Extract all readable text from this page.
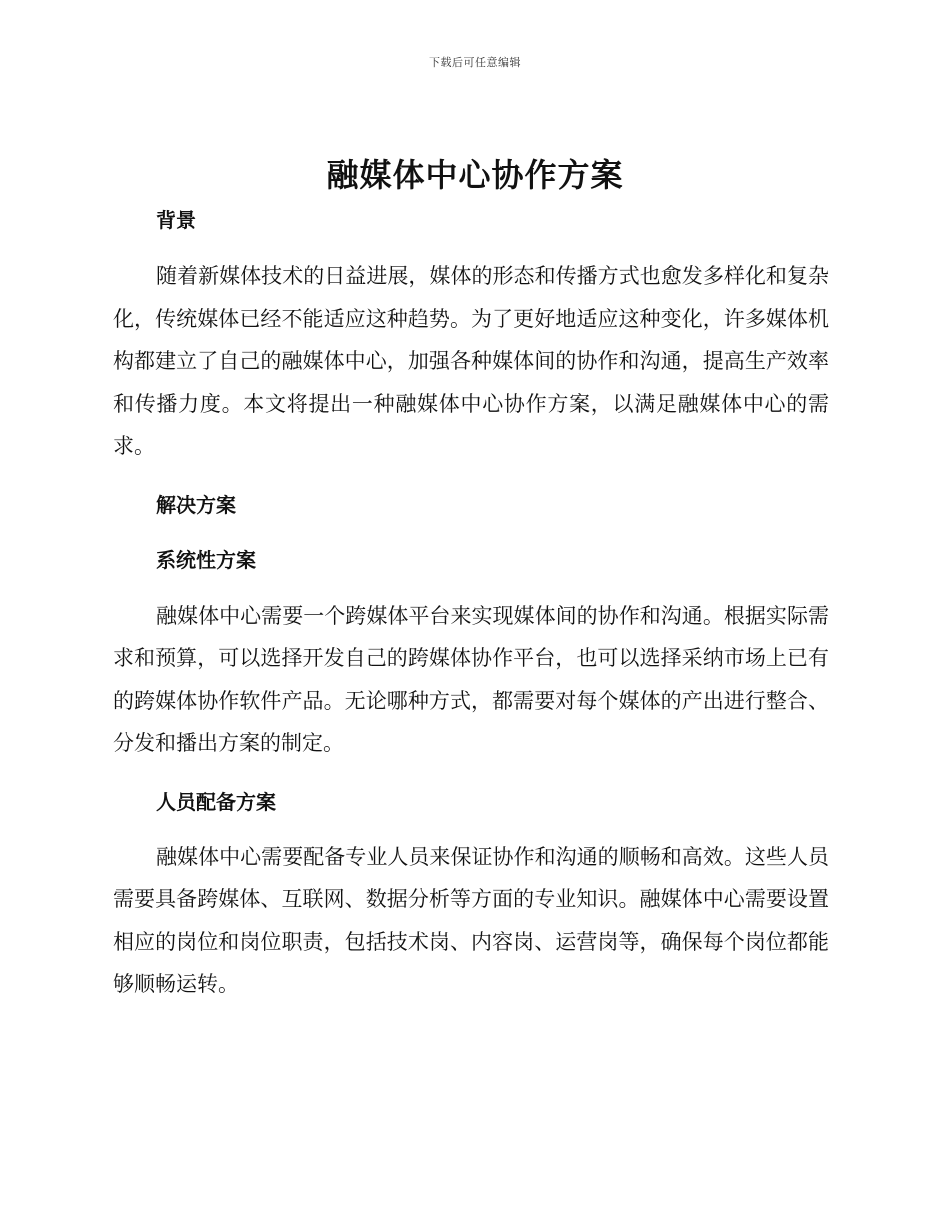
下载后可任意编辑
融媒体中心协作方案
背景

随着新媒体技术的日益进展，媒体的形态和传播方式也愈发多样化和复杂化，传统媒体已经不能适应这种趋势。为了更好地适应这种变化，许多媒体机构都建立了自己的融媒体中心，加强各种媒体间的协作和沟通，提高生产效率和传播力度。本文将提出一种融媒体中心协作方案，以满足融媒体中心的需求。

解决方案
系统性方案

融媒体中心需要一个跨媒体平台来实现媒体间的协作和沟通。根据实际需求和预算，可以选择开发自己的跨媒体协作平台，也可以选择采纳市场上已有的跨媒体协作软件产品。无论哪种方式，都需要对每个媒体的产出进行整合、分发和播出方案的制定。

人员配备方案

融媒体中心需要配备专业人员来保证协作和沟通的顺畅和高效。这些人员需要具备跨媒体、互联网、数据分析等方面的专业知识。融媒体中心需要设置相应的岗位和岗位职责，包括技术岗、内容岗、运营岗等，确保每个岗位都能够顺畅运转。
